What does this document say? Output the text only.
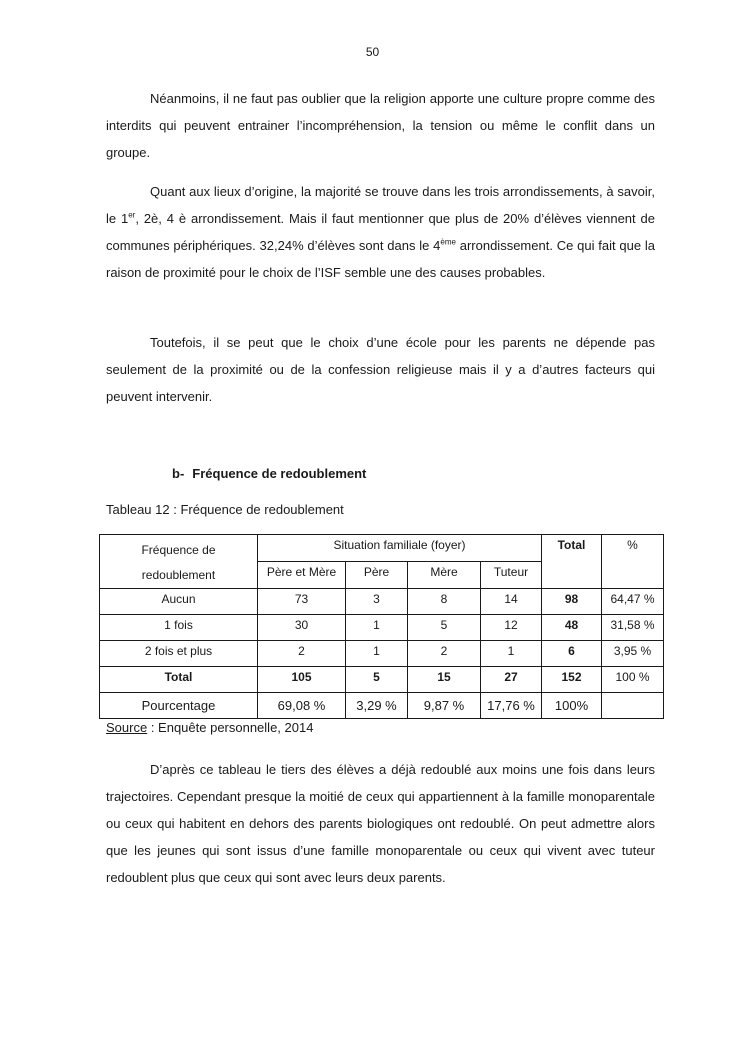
50

Néanmoins, il ne faut pas oublier que la religion apporte une culture propre comme des interdits qui peuvent entrainer l’incompréhension, la tension ou même le conflit dans un groupe.

Quant aux lieux d’origine, la majorité se trouve dans les trois arrondissements, à savoir, le 1er, 2è, 4 è arrondissement. Mais il faut mentionner que plus de 20% d’élèves viennent de communes périphériques. 32,24% d’élèves sont dans le 4ème arrondissement. Ce qui fait que la raison de proximité pour le choix de l’ISF semble une des causes probables.

Toutefois, il se peut que le choix d’une école pour les parents ne dépende pas seulement de la proximité ou de la confession religieuse mais il y a d’autres facteurs qui peuvent intervenir.

b- Fréquence de redoublement
Tableau 12 : Fréquence de redoublement
Fréquence de
redoublement	Situation familiale (foyer)				Total	%
	Père et Mère	Père	Mère	Tuteur		
Aucun	73	3	8	14	98	64,47 %
1 fois	30	1	5	12	48	31,58 %
2 fois et plus	2	1	2	1	6	3,95 %
Total	105	5	15	27	152	100 %
Pourcentage	69,08 %	3,29 %	9,87 %	17,76 %	100%	
Source : Enquête personnelle, 2014

D’après ce tableau le tiers des élèves a déjà redoublé aux moins une fois dans leurs trajectoires. Cependant presque la moitié de ceux qui appartiennent à la famille monoparentale ou ceux qui habitent en dehors des parents biologiques ont redoublé. On peut admettre alors que les jeunes qui sont issus d’une famille monoparentale ou ceux qui vivent avec tuteur redoublent plus que ceux qui sont avec leurs deux parents.
